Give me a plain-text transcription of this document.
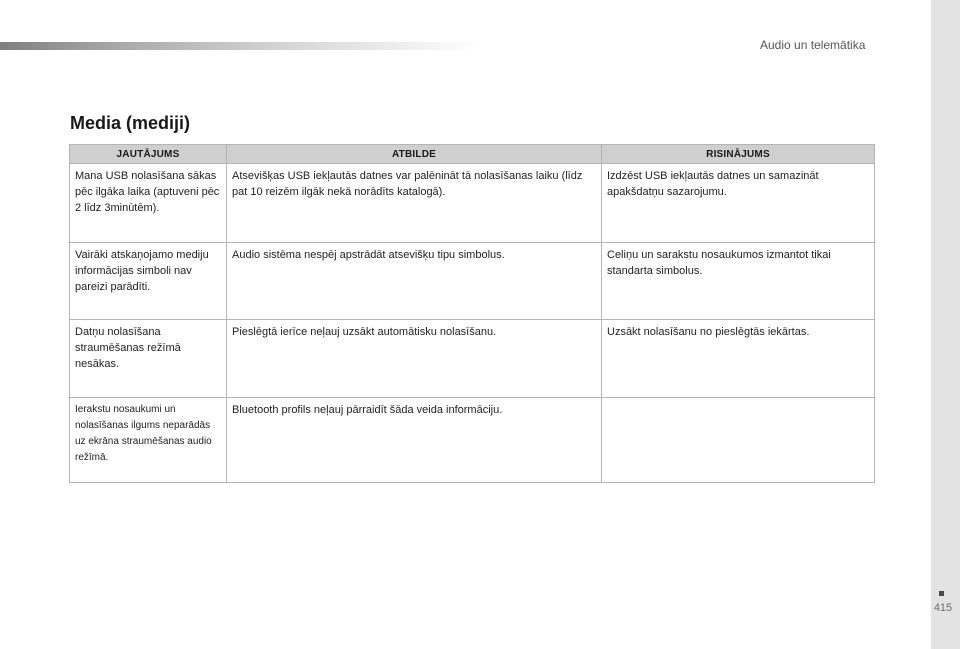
Audio un telemātika
415
Media (mediji)
JAUTĀJUMS	ATBILDE	RISINĀJUMS
Mana USB nolasīšana sākas pēc ilgāka laika (aptuveni pēc 2 līdz 3minūtēm).	Atsevišķas USB iekļautās datnes var palēnināt tā nolasīšanas laiku (līdz pat 10 reizēm ilgāk nekā norādīts katalogā).	Izdzēst USB iekļautās datnes un samazināt apakšdatņu sazarojumu.
Vairāki atskaņojamo mediju informācijas simboli nav pareizi parādīti.	Audio sistēma nespēj apstrādāt atsevišķu tipu simbolus.	Celiņu un sarakstu nosaukumos izmantot tikai standarta simbolus.
Datņu nolasīšana straumēšanas režīmā nesākas.	Pieslēgtā ierīce neļauj uzsākt automātisku nolasīšanu.	Uzsākt nolasīšanu no pieslēgtās iekārtas.
Ierakstu nosaukumi un nolasīšanas ilgums neparādās uz ekrāna straumēšanas audio režīmā.	Bluetooth profils neļauj pārraidīt šāda veida informāciju.	
